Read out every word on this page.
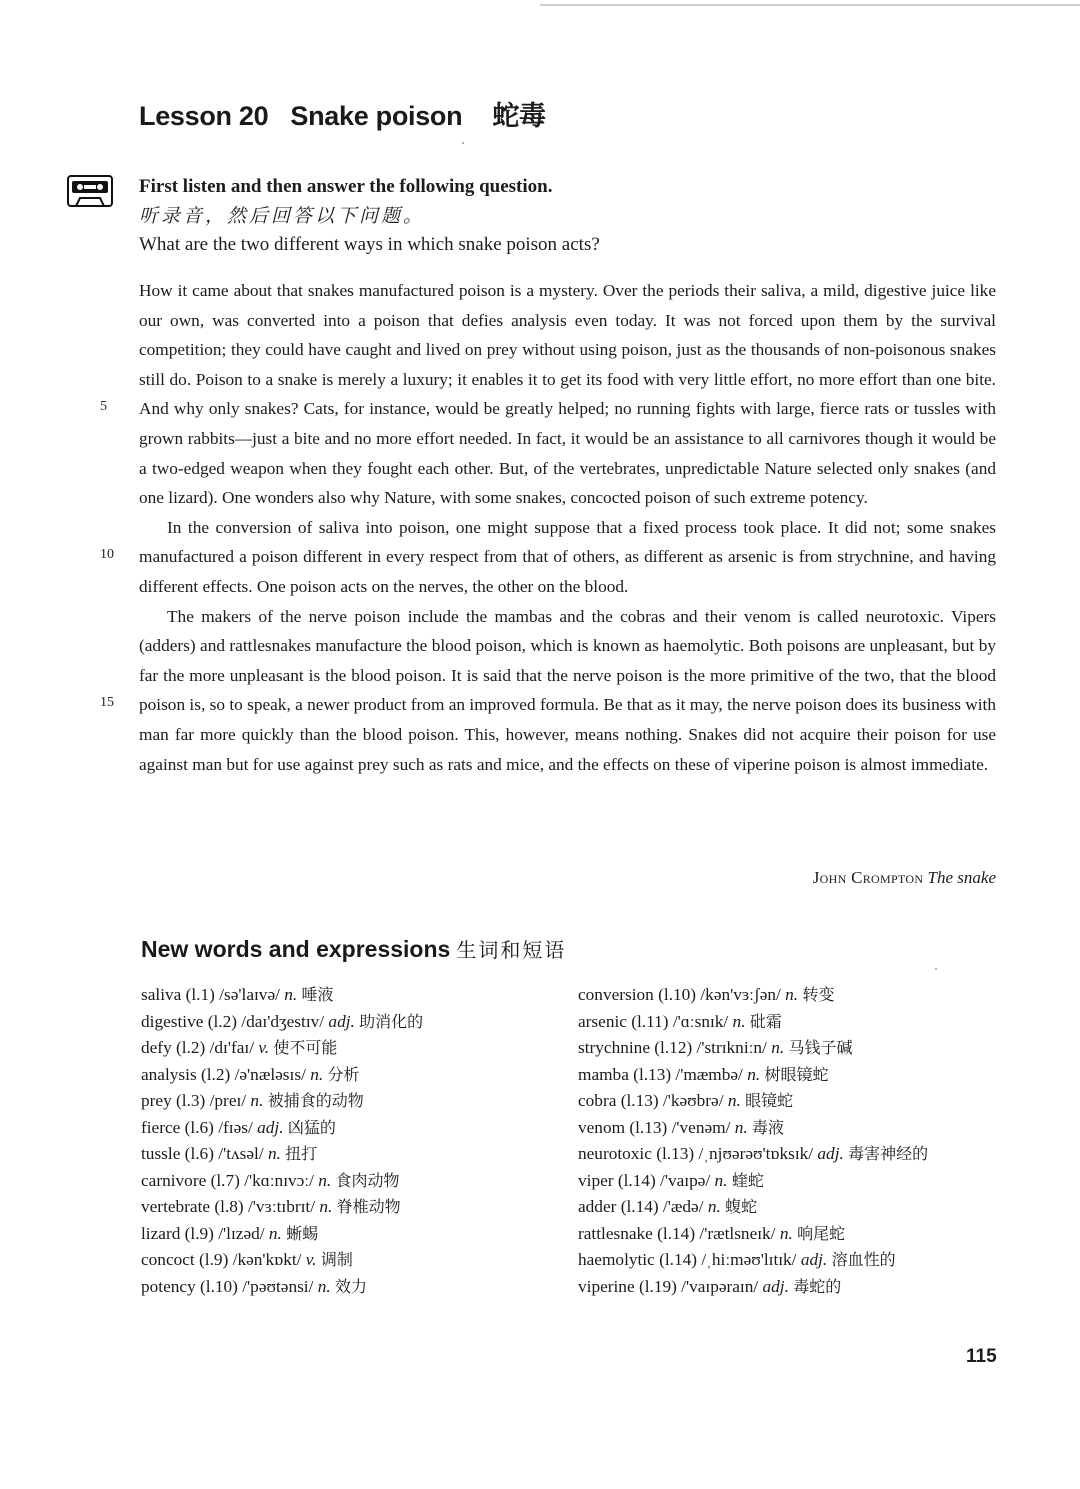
Lesson 20 Snake poison 蛇毒
First listen and then answer the following question.
听录音，然后回答以下问题。
What are the two different ways in which snake poison acts?
5
10
15

How it came about that snakes manufactured poison is a mystery. Over the periods their saliva, a mild, digestive juice like our own, was converted into a poison that defies analysis even today. It was not forced upon them by the survival competition; they could have caught and lived on prey without using poison, just as the thousands of non-poisonous snakes still do. Poison to a snake is merely a luxury; it enables it to get its food with very little effort, no more effort than one bite. And why only snakes? Cats, for instance, would be greatly helped; no running fights with large, fierce rats or tussles with grown rabbits—just a bite and no more effort needed. In fact, it would be an assistance to all carnivores though it would be a two-edged weapon when they fought each other. But, of the vertebrates, unpredictable Nature selected only snakes (and one lizard). One wonders also why Nature, with some snakes, concocted poison of such extreme potency.

In the conversion of saliva into poison, one might suppose that a fixed process took place. It did not; some snakes manufactured a poison different in every respect from that of others, as different as arsenic is from strychnine, and having different effects. One poison acts on the nerves, the other on the blood.

The makers of the nerve poison include the mambas and the cobras and their venom is called neurotoxic. Vipers (adders) and rattlesnakes manufacture the blood poison, which is known as haemolytic. Both poisons are unpleasant, but by far the more unpleasant is the blood poison. It is said that the nerve poison is the more primitive of the two, that the blood poison is, so to speak, a newer product from an improved formula. Be that as it may, the nerve poison does its business with man far more quickly than the blood poison. This, however, means nothing. Snakes did not acquire their poison for use against man but for use against prey such as rats and mice, and the effects on these of viperine poison is almost immediate.

John Crompton The snake
New words and expressions 生词和短语
saliva (l.1) /sə'laɪvə/ n. 唾液
digestive (l.2) /daɪ'dʒestɪv/ adj. 助消化的
defy (l.2) /dɪ'faɪ/ v. 使不可能
analysis (l.2) /ə'næləsɪs/ n. 分析
prey (l.3) /preɪ/ n. 被捕食的动物
fierce (l.6) /fɪəs/ adj. 凶猛的
tussle (l.6) /'tʌsəl/ n. 扭打
carnivore (l.7) /'kɑːnɪvɔː/ n. 食肉动物
vertebrate (l.8) /'vɜːtɪbrɪt/ n. 脊椎动物
lizard (l.9) /'lɪzəd/ n. 蜥蜴
concoct (l.9) /kən'kɒkt/ v. 调制
potency (l.10) /'pəʊtənsi/ n. 效力
conversion (l.10) /kən'vɜːʃən/ n. 转变
arsenic (l.11) /'ɑːsnɪk/ n. 砒霜
strychnine (l.12) /'strɪkniːn/ n. 马钱子碱
mamba (l.13) /'mæmbə/ n. 树眼镜蛇
cobra (l.13) /'kəʊbrə/ n. 眼镜蛇
venom (l.13) /'venəm/ n. 毒液
neurotoxic (l.13) /ˌnjʊərəʊ'tɒksɪk/ adj. 毒害神经的
viper (l.14) /'vaɪpə/ n. 蝰蛇
adder (l.14) /'ædə/ n. 蝮蛇
rattlesnake (l.14) /'rætlsneɪk/ n. 响尾蛇
haemolytic (l.14) /ˌhiːməʊ'lɪtɪk/ adj. 溶血性的
viperine (l.19) /'vaɪpəraɪn/ adj. 毒蛇的
115
